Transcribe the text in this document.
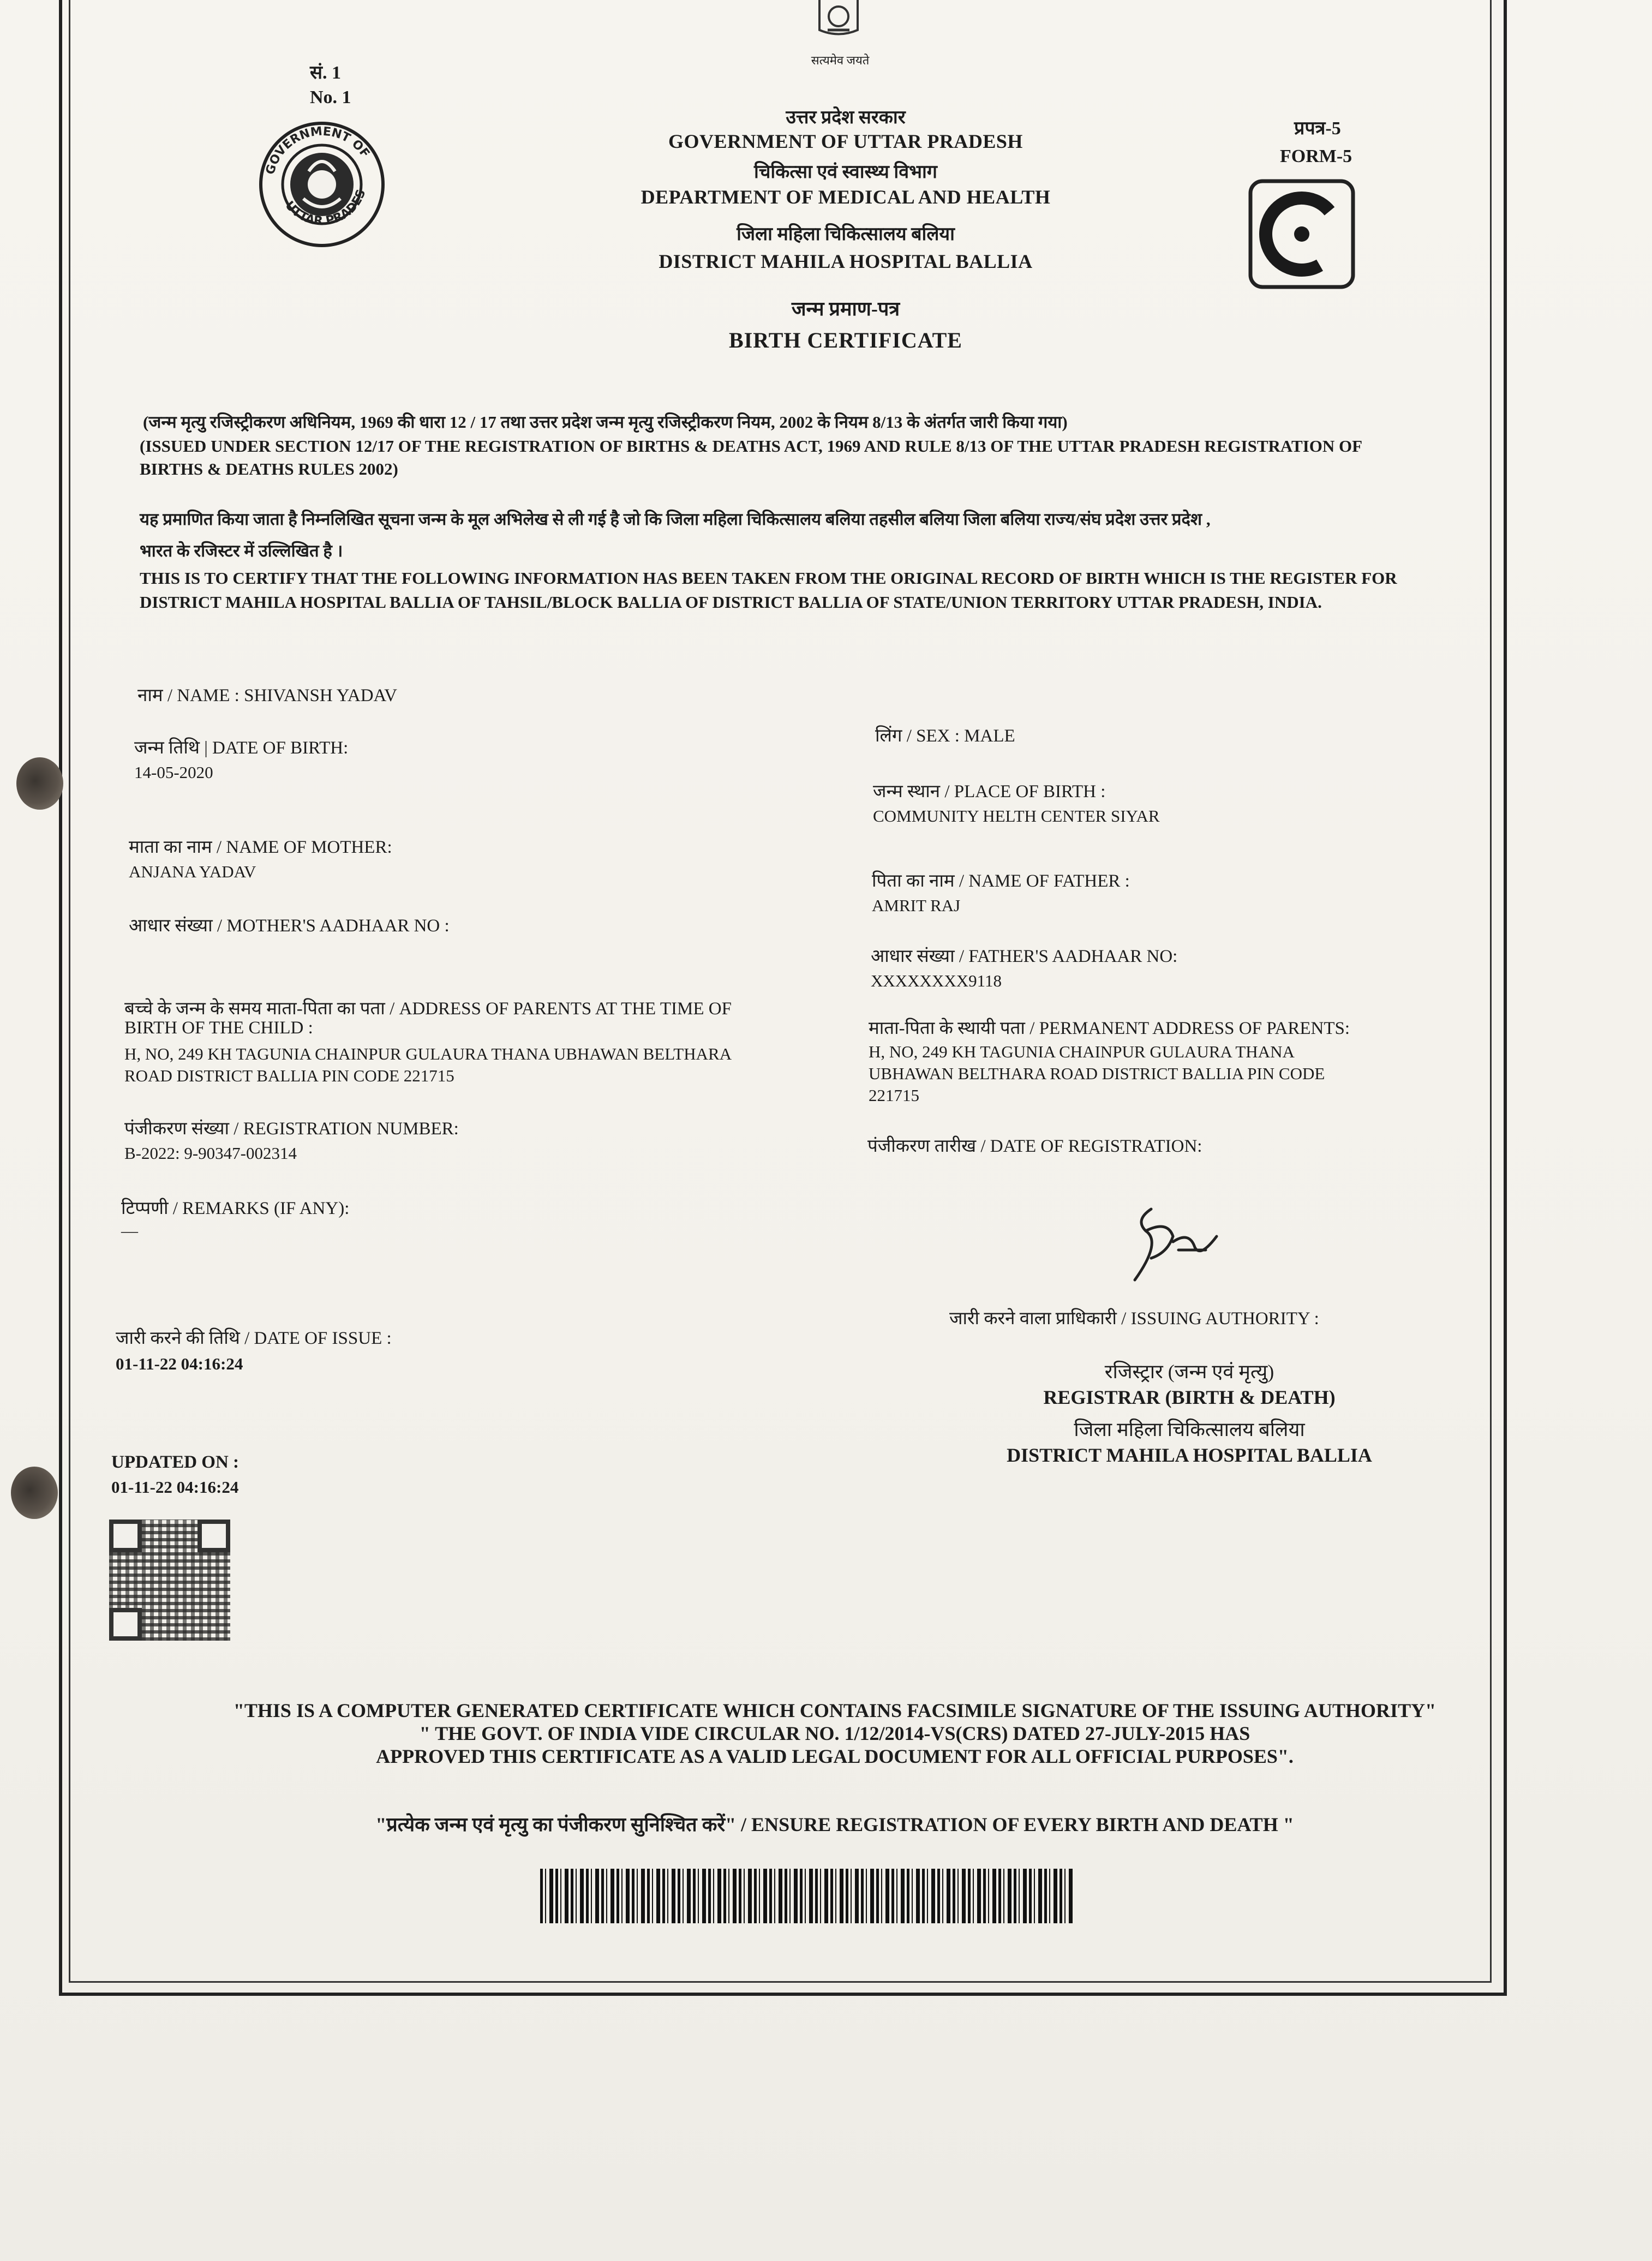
सत्यमेव जयते
सं. 1
No. 1
GOVERNMENT OF
UTTAR PRADES
उत्तर प्रदेश सरकार
GOVERNMENT OF UTTAR PRADESH
चिकित्सा एवं स्वास्थ्य विभाग
DEPARTMENT OF MEDICAL AND HEALTH
जिला महिला चिकित्सालय बलिया
DISTRICT MAHILA HOSPITAL BALLIA
जन्म प्रमाण-पत्र
BIRTH CERTIFICATE
प्रपत्र-5
FORM-5
(जन्म मृत्यु रजिस्ट्रीकरण अधिनियम, 1969 की धारा 12 / 17 तथा उत्तर प्रदेश जन्म मृत्यु रजिस्ट्रीकरण नियम, 2002 के नियम 8/13 के अंतर्गत जारी किया गया)
(ISSUED UNDER SECTION 12/17 OF THE REGISTRATION OF BIRTHS & DEATHS ACT, 1969 AND RULE 8/13 OF THE UTTAR PRADESH REGISTRATION OF
BIRTHS & DEATHS RULES 2002)
यह प्रमाणित किया जाता है निम्नलिखित सूचना जन्म के मूल अभिलेख से ली गई है जो कि जिला महिला चिकित्सालय बलिया तहसील बलिया जिला बलिया राज्य/संघ प्रदेश उत्तर प्रदेश ,
भारत के रजिस्टर में उल्लिखित है ।
THIS IS TO CERTIFY THAT THE FOLLOWING INFORMATION HAS BEEN TAKEN FROM THE ORIGINAL RECORD OF BIRTH WHICH IS THE REGISTER FOR
DISTRICT MAHILA HOSPITAL BALLIA OF TAHSIL/BLOCK BALLIA OF DISTRICT BALLIA OF STATE/UNION TERRITORY UTTAR PRADESH, INDIA.
नाम / NAME : SHIVANSH YADAV
जन्म तिथि | DATE OF BIRTH:
14-05-2020
माता का नाम / NAME OF MOTHER:
ANJANA YADAV
आधार संख्या / MOTHER'S AADHAAR NO :
बच्चे के जन्म के समय माता-पिता का पता / ADDRESS OF PARENTS AT THE TIME OF
BIRTH OF THE CHILD :
H, NO, 249 KH TAGUNIA CHAINPUR GULAURA THANA UBHAWAN BELTHARA
ROAD DISTRICT BALLIA PIN CODE 221715
पंजीकरण संख्या / REGISTRATION NUMBER:
B-2022: 9-90347-002314
टिप्पणी / REMARKS (IF ANY):
—
जारी करने की तिथि / DATE OF ISSUE :
01-11-22 04:16:24
UPDATED ON :
01-11-22 04:16:24
लिंग / SEX : MALE
जन्म स्थान / PLACE OF BIRTH :
COMMUNITY HELTH CENTER SIYAR
पिता का नाम / NAME OF FATHER :
AMRIT RAJ
आधार संख्या / FATHER'S AADHAAR NO:
XXXXXXXX9118
माता-पिता के स्थायी पता / PERMANENT ADDRESS OF PARENTS:
H, NO, 249 KH TAGUNIA CHAINPUR GULAURA THANA
UBHAWAN BELTHARA ROAD DISTRICT BALLIA PIN CODE
221715
पंजीकरण तारीख / DATE OF REGISTRATION:
जारी करने वाला प्राधिकारी / ISSUING AUTHORITY :
रजिस्ट्रार (जन्म एवं मृत्यु)
REGISTRAR (BIRTH & DEATH)
जिला महिला चिकित्सालय बलिया
DISTRICT MAHILA HOSPITAL BALLIA
"THIS IS A COMPUTER GENERATED CERTIFICATE WHICH CONTAINS FACSIMILE SIGNATURE OF THE ISSUING AUTHORITY"
" THE GOVT. OF INDIA VIDE CIRCULAR NO. 1/12/2014-VS(CRS) DATED 27-JULY-2015 HAS
APPROVED THIS CERTIFICATE AS A VALID LEGAL DOCUMENT FOR ALL OFFICIAL PURPOSES".
"प्रत्येक जन्म एवं मृत्यु का पंजीकरण सुनिश्चित करें" / ENSURE REGISTRATION OF EVERY BIRTH AND DEATH "
